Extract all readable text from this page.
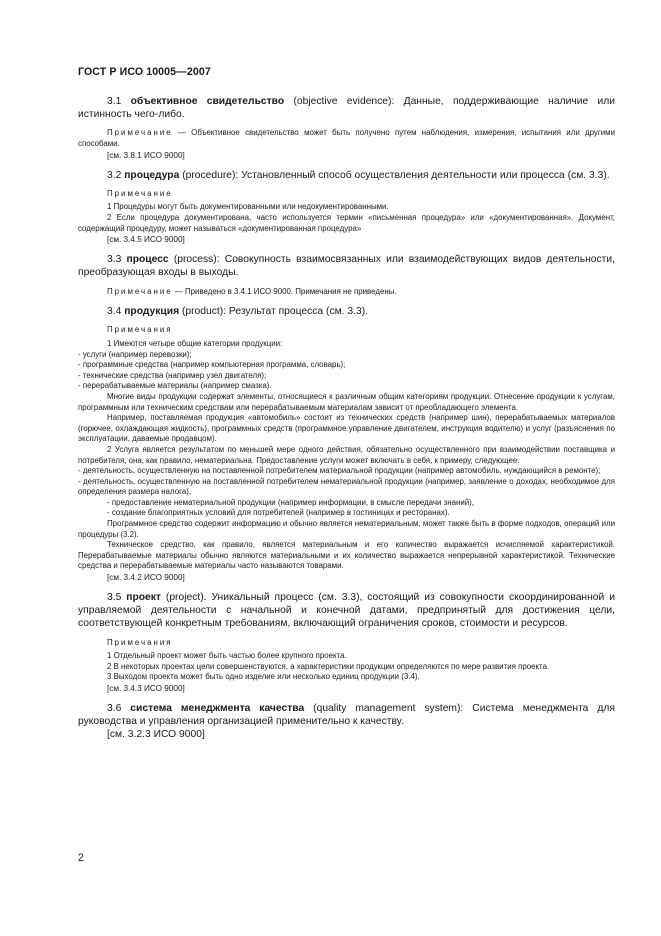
ГОСТ Р ИСО 10005—2007

3.1 объективное свидетельство (objective evidence): Данные, поддерживающие наличие или истинность чего-либо.

Примечание — Объективное свидетельство может быть получено путем наблюдения, измерения, испытания или другими способами.

[см. 3.8.1 ИСО 9000]

3.2 процедура (procedure): Установленный способ осуществления деятельности или процесса (см. 3.3).

Примечание

1 Процедуры могут быть документированными или недокументированными.

2 Если процедура документирована, часто используется термин «письменная процедура» или «документированная». Документ, содержащий процедуру, может называться «документированная процедура»

[см. 3.4.5 ИСО 9000]

3.3 процесс (process): Совокупность взаимосвязанных или взаимодействующих видов деятельности, преобразующая входы в выходы.

Примечание — Приведено в 3.4.1 ИСО 9000. Примечания не приведены.

3.4 продукция (product): Результат процесса (см. 3.3).

Примечания

1 Имеются четыре общие категории продукции:

- услуги (например перевозки);

- программные средства (например компьютерная программа, словарь);

- технические средства (например узел двигателя);

- перерабатываемые материалы (например смазка).

Многие виды продукции содержат элементы, относящиеся к различным общим категориям продукции. Отнесение продукции к услугам, программным или техническим средствам или перерабатываемым материалам зависит от преобладающего элемента.

Например, поставляемая продукция «автомобиль» состоит из технических средств (например шин), перерабатываемых материалов (горючее, охлаждающая жидкость), программных средств (программное управление двигателем, инструкция водителю) и услуг (разъяснения по эксплуатации, даваемые продавцом).

2 Услуга является результатом по меньшей мере одного действия, обязательно осуществленного при взаимодействии поставщика и потребителя, она, как правило, нематериальна. Предоставление услуги может включать в себя, к примеру, следующее.

- деятельность, осуществленную на поставленной потребителем материальной продукции (например автомобиль, нуждающийся в ремонте);

- деятельность, осуществленную на поставленной потребителем нематериальной продукции (например, заявление о доходах, необходимое для определения размера налога),

- предоставление нематериальной продукции (например информации, в смысле передачи знаний),

- создание благоприятных условий для потребителей (например в гостиницах и ресторанах).

Программное средство содержит информацию и обычно является нематериальным, может также быть в форме подходов, операций или процедуры (3.2).

Техническое средство, как правило, является материальным и его количество выражается исчисляемой характеристикой. Перерабатываемые материалы обычно являются материальными и их количество выражается непрерывной характеристикой. Технические средства и перерабатываемые материалы часто называются товарами.

[см. 3.4.2 ИСО 9000]

3.5 проект (project). Уникальный процесс (см. 3.3), состоящий из совокупности скоординированной и управляемой деятельности с начальной и конечной датами, предпринятый для достижения цели, соответствующей конкретным требованиям, включающий ограничения сроков, стоимости и ресурсов.

Примечания

1 Отдельный проект может быть частью более крупного проекта.

2 В некоторых проектах цели совершенствуются, а характеристики продукции определяются по мере развития проекта.

3 Выходом проекта может быть одно изделие или несколько единиц продукции (3.4).

[см. 3.4.3 ИСО 9000]

3.6 система менеджмента качества (quality management system): Система менеджмента для руководства и управления организацией применительно к качеству.

[см. 3.2.3 ИСО 9000]

2
